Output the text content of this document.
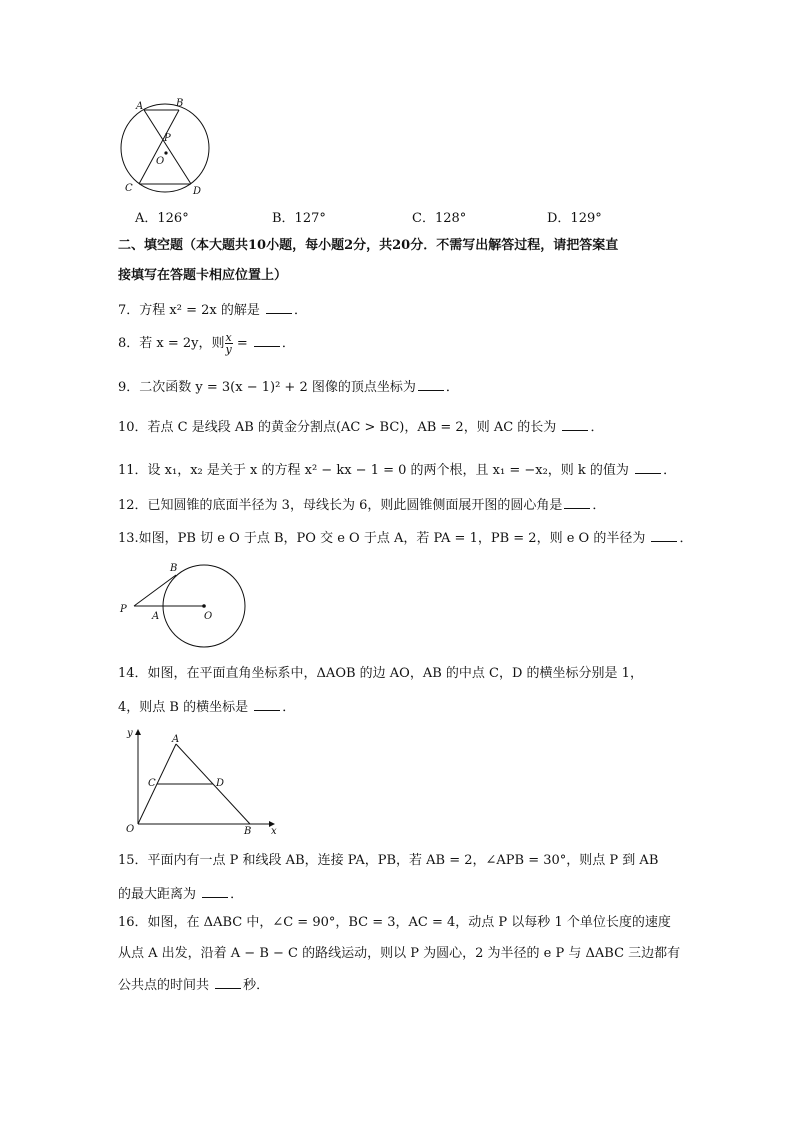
A	B
P
O
C	D
A．126°	B．127°	C．128°	D．129°
二、填空题（本大题共10小题，每小题2分，共20分．不需写出解答过程，请把答案直
接填写在答题卡相应位置上）
7．方程 x² = 2x 的解是 ．
8．若 x = 2y，则 $\frac{x}{y}$ = ．
9．二次函数 y = 3(x − 1)² + 2 图像的顶点坐标为 ．
10．若点 C 是线段 AB 的黄金分割点(AC > BC)，AB = 2，则 AC 的长为 ．
11．设 x₁，x₂ 是关于 x 的方程 x² − kx − 1 = 0 的两个根，且 x₁ = −x₂，则 k 的值为 ．
12．已知圆锥的底面半径为 3，母线长为 6，则此圆锥侧面展开图的圆心角是 ．
13.如图，PB 切 e O 于点 B，PO 交 e O 于点 A，若 PA = 1，PB = 2，则 e O 的半径为 ．
B
P
A	O
14．如图，在平面直角坐标系中，ΔAOB 的边 AO，AB 的中点 C，D 的横坐标分别是 1，
4，则点 B 的横坐标是 ．
y
A
C	D
O	B x
15．平面内有一点 P 和线段 AB，连接 PA，PB，若 AB = 2，∠APB = 30°，则点 P 到 AB
的最大距离为 ．
16．如图，在 ΔABC 中，∠C = 90°，BC = 3，AC = 4，动点 P 以每秒 1 个单位长度的速度
从点 A 出发，沿着 A − B − C 的路线运动，则以 P 为圆心，2 为半径的 e P 与 ΔABC 三边都有
公共点的时间共 秒．
